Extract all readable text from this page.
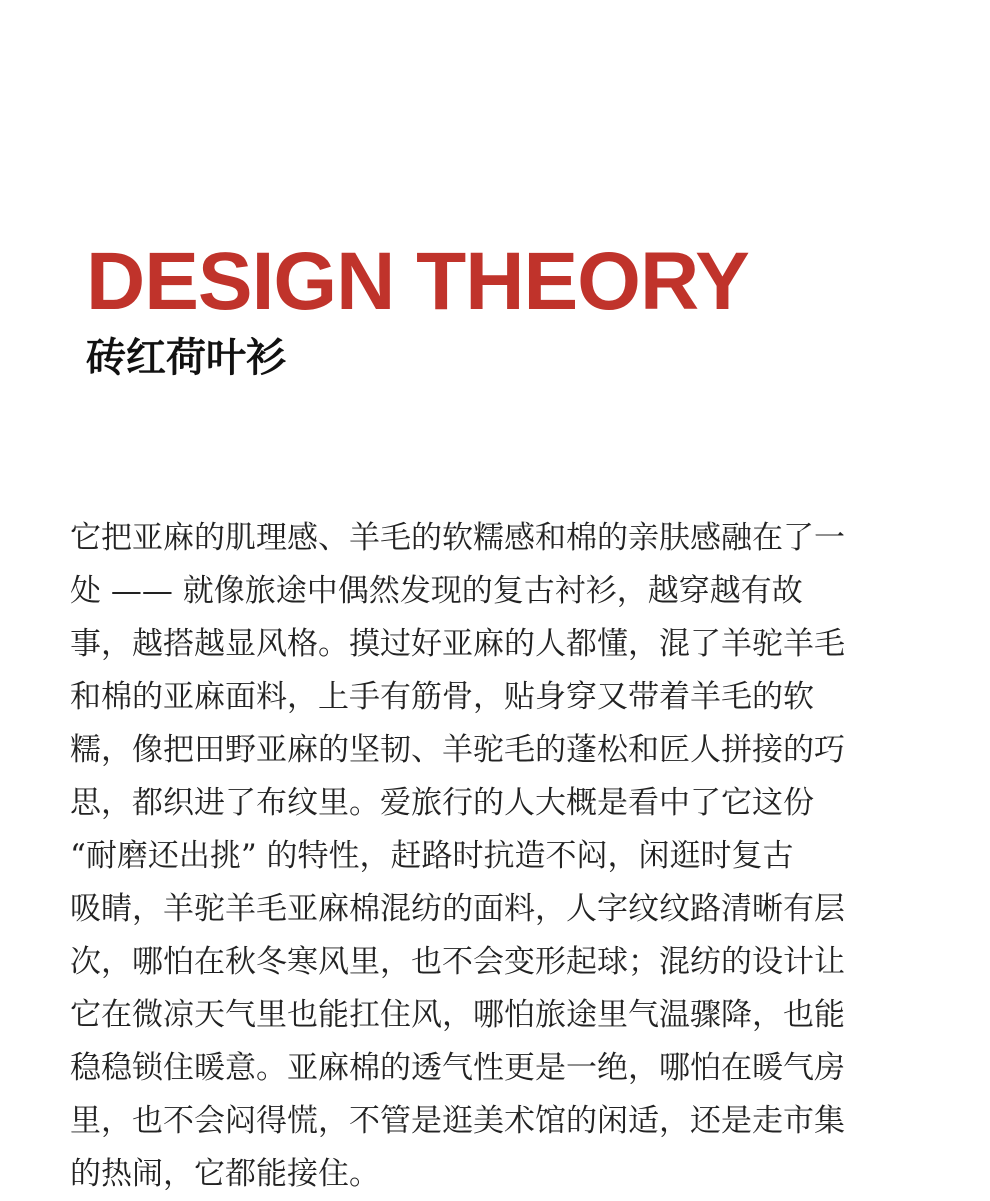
DESIGN THEORY
砖红荷叶衫
它把亚麻的肌理感、羊毛的软糯感和棉的亲肤感融在了一
处 —— 就像旅途中偶然发现的复古衬衫，越穿越有故
事，越搭越显风格。摸过好亚麻的人都懂，混了羊驼羊毛
和棉的亚麻面料，上手有筋骨，贴身穿又带着羊毛的软
糯，像把田野亚麻的坚韧、羊驼毛的蓬松和匠人拼接的巧
思，都织进了布纹里。爱旅行的人大概是看中了它这份
“耐磨还出挑” 的特性，赶路时抗造不闷，闲逛时复古
吸睛，羊驼羊毛亚麻棉混纺的面料，人字纹纹路清晰有层
次，哪怕在秋冬寒风里，也不会变形起球；混纺的设计让
它在微凉天气里也能扛住风，哪怕旅途里气温骤降，也能
稳稳锁住暖意。亚麻棉的透气性更是一绝，哪怕在暖气房
里，也不会闷得慌，不管是逛美术馆的闲适，还是走市集
的热闹，它都能接住。
